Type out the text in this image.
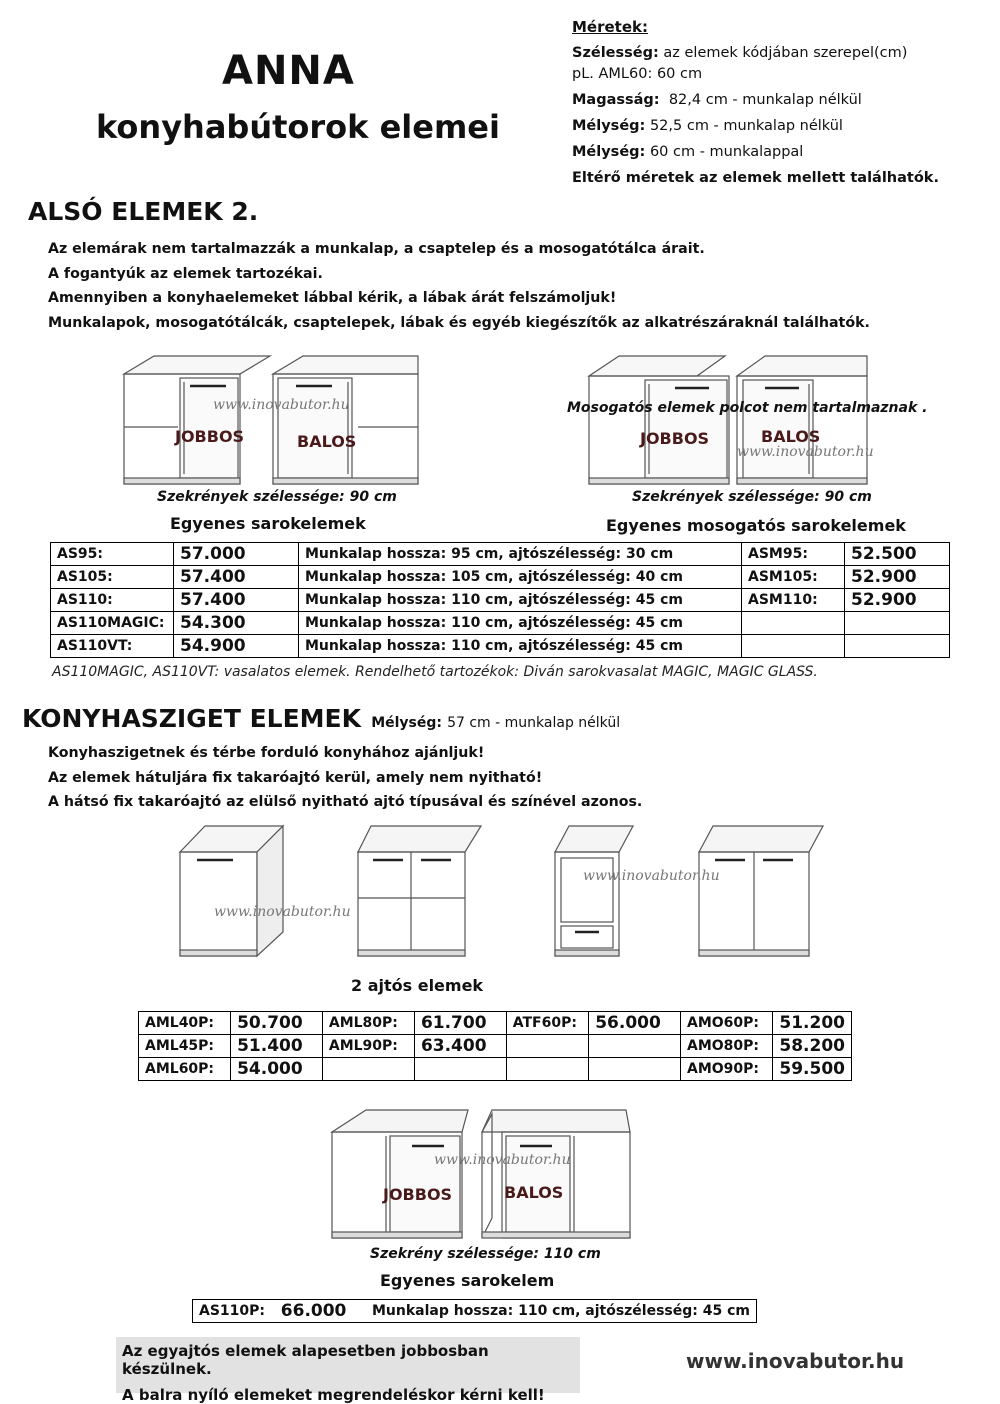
ANNA
konyhabútorok elemei
Méretek:
Szélesség: az elemek kódjában szerepel(cm)
pL. AML60: 60 cm
Magasság: 82,4 cm - munkalap nélkül
Mélység: 52,5 cm - munkalap nélkül
Mélység: 60 cm - munkalappal
Eltérő méretek az elemek mellett találhatók.
ALSÓ ELEMEK 2.
Az elemárak nem tartalmazzák a munkalap, a csaptelep és a mosogatótálca árait.
A fogantyúk az elemek tartozékai.
Amennyiben a konyhaelemeket lábbal kérik, a lábak árát felszámoljuk!
Munkalapok, mosogatótálcák, csaptelepek, lábak és egyéb kiegészítők az alkatrészáraknál találhatók.
www.inovabutor.hu
JOBBOS	BALOS
Szekrények szélessége: 90 cm
Egyenes sarokelemek
Mosogatós elemek polcot nem tartalmaznak .
JOBBOS	BALOS
www.inovabutor.hu
Szekrények szélessége: 90 cm
Egyenes mosogatós sarokelemek
AS95:	57.000	Munkalap hossza: 95 cm, ajtószélesség: 30 cm	ASM95:	52.500
AS105:	57.400	Munkalap hossza: 105 cm, ajtószélesség: 40 cm	ASM105:	52.900
AS110:	57.400	Munkalap hossza: 110 cm, ajtószélesség: 45 cm	ASM110:	52.900
AS110MAGIC:	54.300	Munkalap hossza: 110 cm, ajtószélesség: 45 cm		
AS110VT:	54.900	Munkalap hossza: 110 cm, ajtószélesség: 45 cm		
AS110MAGIC, AS110VT: vasalatos elemek. Rendelhető tartozékok: Diván sarokvasalat MAGIC, MAGIC GLASS.
KONYHASZIGET ELEMEK Mélység: 57 cm - munkalap nélkül
Konyhaszigetnek és térbe forduló konyhához ajánljuk!
Az elemek hátuljára fix takaróajtó kerül, amely nem nyitható!
A hátsó fix takaróajtó az elülső nyitható ajtó típusával és színével azonos.
www.inovabutor.hu
www.inovabutor.hu
2 ajtós elemek
AML40P:	50.700	AML80P:	61.700	ATF60P:	56.000	AMO60P:	51.200
AML45P:	51.400	AML90P:	63.400			AMO80P:	58.200
AML60P:	54.000					AMO90P:	59.500
www.inovabutor.hu
JOBBOS	BALOS
Szekrény szélessége: 110 cm
Egyenes sarokelem
AS110P:	66.000	Munkalap hossza: 110 cm, ajtószélesség: 45 cm
Az egyajtós elemek alapesetben jobbosban készülnek.
A balra nyíló elemeket megrendeléskor kérni kell!
www.inovabutor.hu
